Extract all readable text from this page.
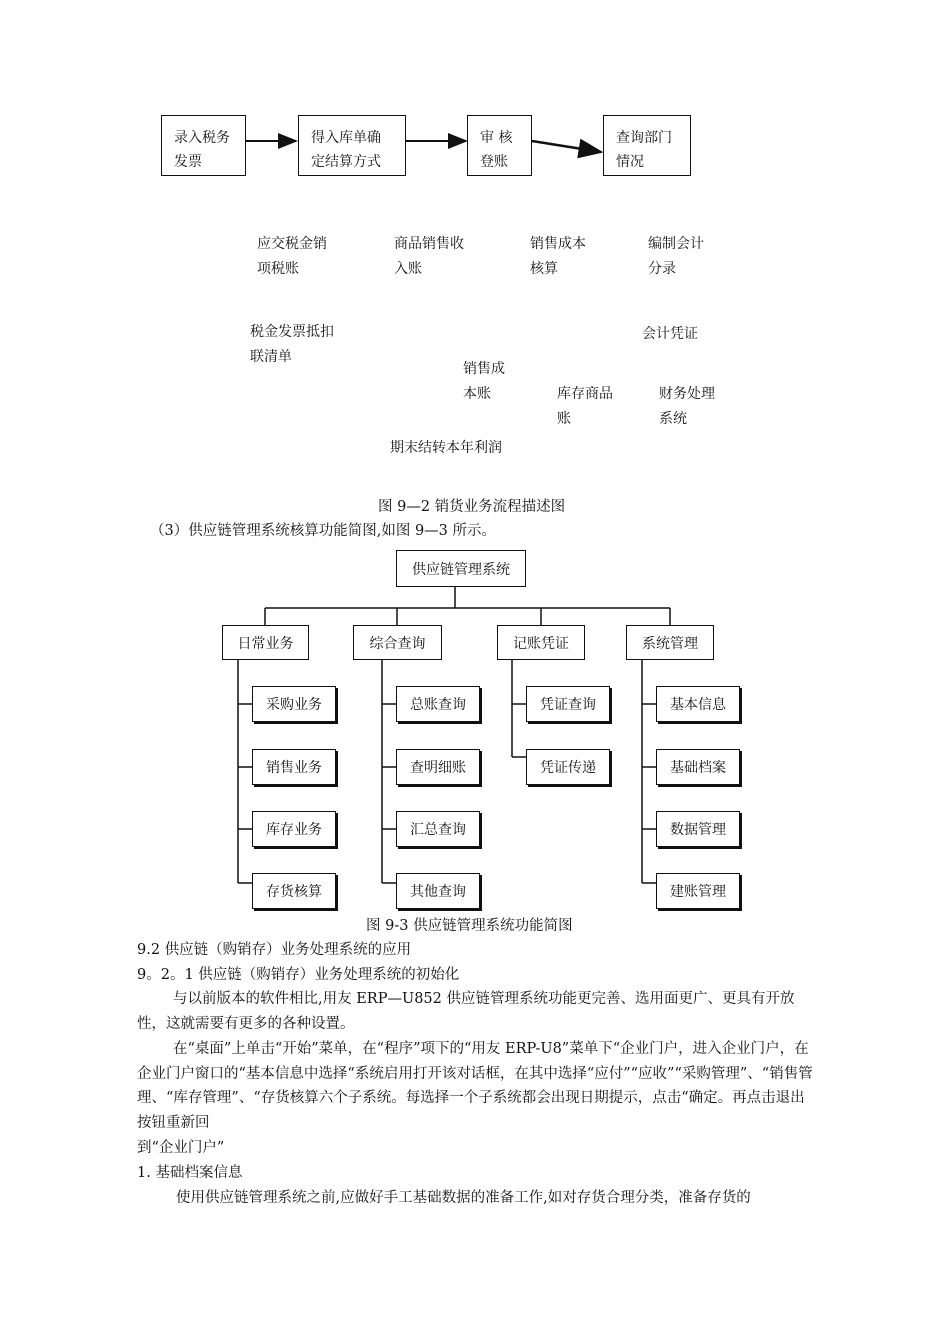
录入税务
发票
得入库单确
定结算方式
审 核
登账
查询部门
情况
应交税金销
项税账
商品销售收
入账
销售成本
核算
编制会计
分录
税金发票抵扣
联清单
会计凭证
销售成
本账	库存商品
账
财务处理
系统
期末结转本年利润
图 9—2 销货业务流程描述图
（3）供应链管理系统核算功能简图,如图 9—3 所示。
供应链管理系统
日常业务	综合查询	记账凭证	系统管理
采购业务
销售业务
库存业务
存货核算
总账查询
查明细账
汇总查询
其他查询
凭证查询
凭证传递
基本信息
基础档案
数据管理
建账管理
图 9-3 供应链管理系统功能简图
9.2 供应链（购销存）业务处理系统的应用
9。2。1 供应链（购销存）业务处理系统的初始化
与以前版本的软件相比,用友 ERP—U852 供应链管理系统功能更完善、选用面更广、更具有开放性，这就需要有更多的各种设置。
在“桌面”上单击“开始”菜单，在“程序”项下的“用友 ERP-U8”菜单下“企业门户，进入企业门户，在企业门户窗口的“基本信息中选择“系统启用打开该对话框，在其中选择“应付”“应收”“采购管理”、“销售管理、“库存管理”、“存货核算六个子系统。每选择一个子系统都会出现日期提示，点击“确定。再点击退出按钮重新回
到“企业门户”
1. 基础档案信息
使用供应链管理系统之前,应做好手工基础数据的准备工作,如对存货合理分类，准备存货的
